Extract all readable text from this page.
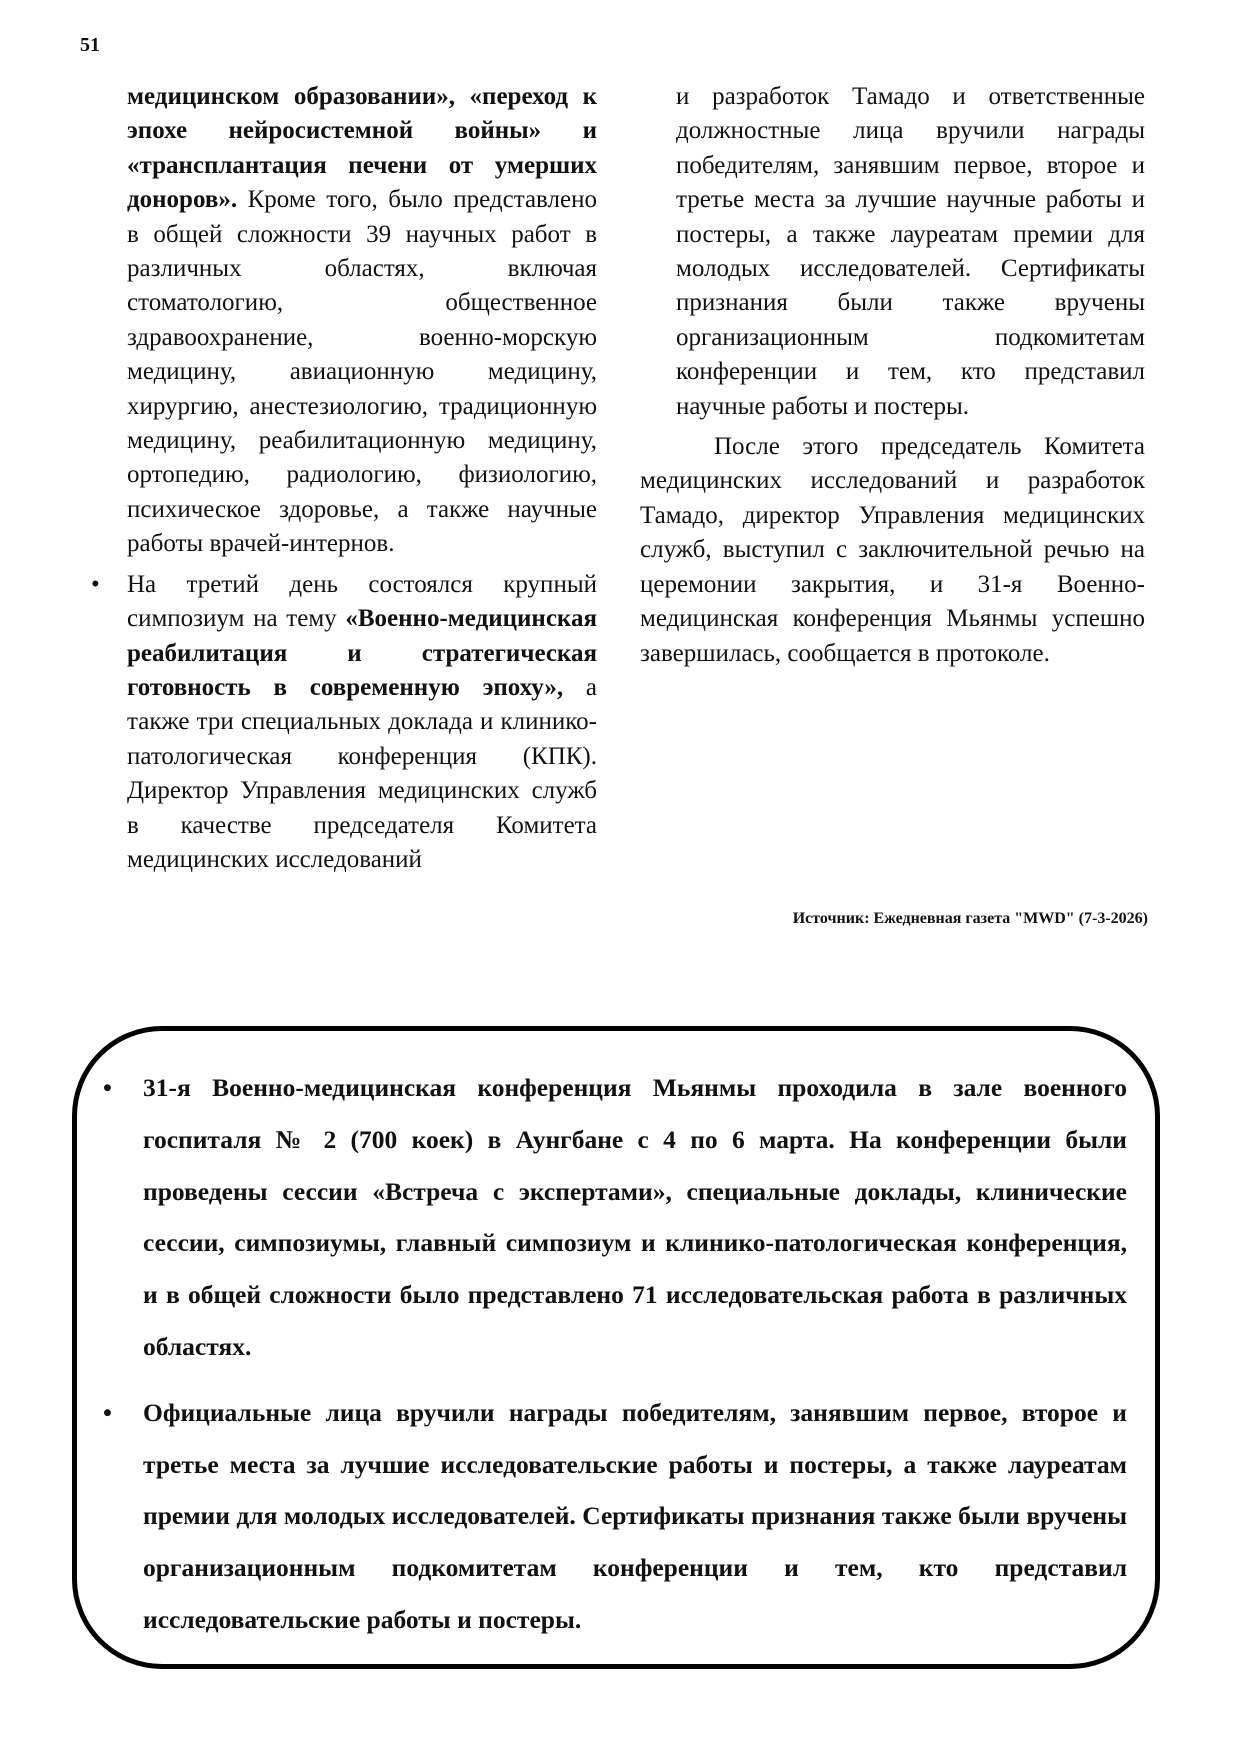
51

медицинском образовании», «переход к эпохе нейросистемной войны» и «трансплантация печени от умерших доноров». Кроме того, было представлено в общей сложности 39 научных работ в различных областях, включая стоматологию, общественное здравоохранение, военно-морскую медицину, авиационную медицину, хирургию, анестезиологию, традиционную медицину, реабилитационную медицину, ортопедию, радиологию, физиологию, психическое здоровье, а также научные работы врачей-интернов.

• На третий день состоялся крупный симпозиум на тему «Военно-медицинская реабилитация и стратегическая готовность в современную эпоху», а также три специальных доклада и клинико-патологическая конференция (КПК). Директор Управления медицинских служб в качестве председателя Комитета медицинских исследований

и разработок Тамадо и ответственные должностные лица вручили награды победителям, занявшим первое, второе и третье места за лучшие научные работы и постеры, а также лауреатам премии для молодых исследователей. Сертификаты признания были также вручены организационным подкомитетам конференции и тем, кто представил научные работы и постеры.

После этого председатель Комитета медицинских исследований и разработок Тамадо, директор Управления медицинских служб, выступил с заключительной речью на церемонии закрытия, и 31-я Военно-медицинская конференция Мьянмы успешно завершилась, сообщается в протоколе.

Источник: Ежедневная газета "MWD" (7-3-2026)
• 31-я Военно-медицинская конференция Мьянмы проходила в зале военного госпиталя № 2 (700 коек) в Аунгбане с 4 по 6 марта. На конференции были проведены сессии «Встреча с экспертами», специальные доклады, клинические сессии, симпозиумы, главный симпозиум и клинико-патологическая конференция, и в общей сложности было представлено 71 исследовательская работа в различных областях.
• Официальные лица вручили награды победителям, занявшим первое, второе и третье места за лучшие исследовательские работы и постеры, а также лауреатам премии для молодых исследователей. Сертификаты признания также были вручены организационным подкомитетам конференции и тем, кто представил исследовательские работы и постеры.
